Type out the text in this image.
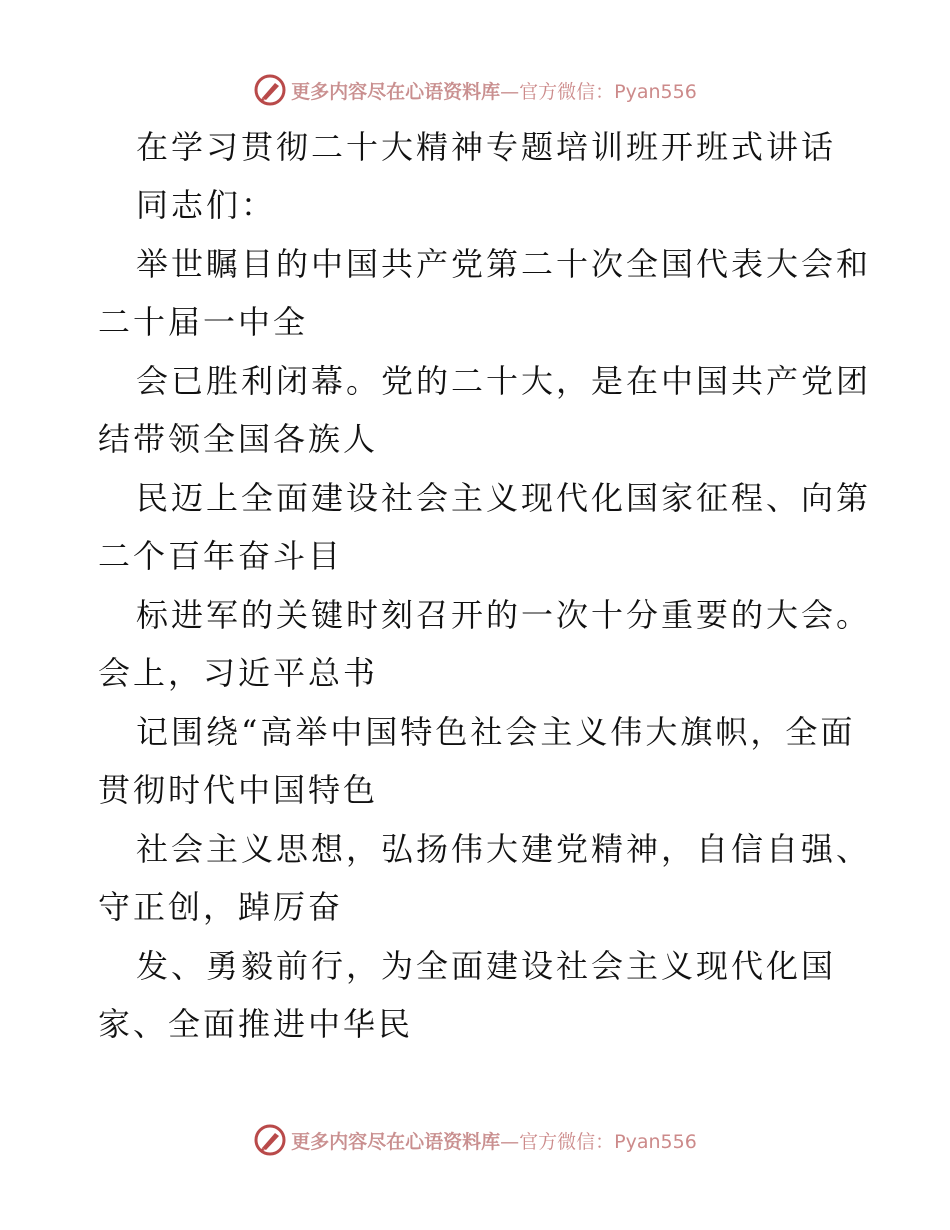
更多内容尽在心语资料库—官方微信：Pyan556
在学习贯彻二十大精神专题培训班开班式讲话
同志们：
举世瞩目的中国共产党第二十次全国代表大会和
二十届一中全
会已胜利闭幕。党的二十大，是在中国共产党团
结带领全国各族人
民迈上全面建设社会主义现代化国家征程、向第
二个百年奋斗目
标进军的关键时刻召开的一次十分重要的大会。
会上，习近平总书
记围绕“高举中国特色社会主义伟大旗帜，全面
贯彻时代中国特色
社会主义思想，弘扬伟大建党精神，自信自强、
守正创，踔厉奋
发、勇毅前行，为全面建设社会主义现代化国
家、全面推进中华民
更多内容尽在心语资料库—官方微信：Pyan556
